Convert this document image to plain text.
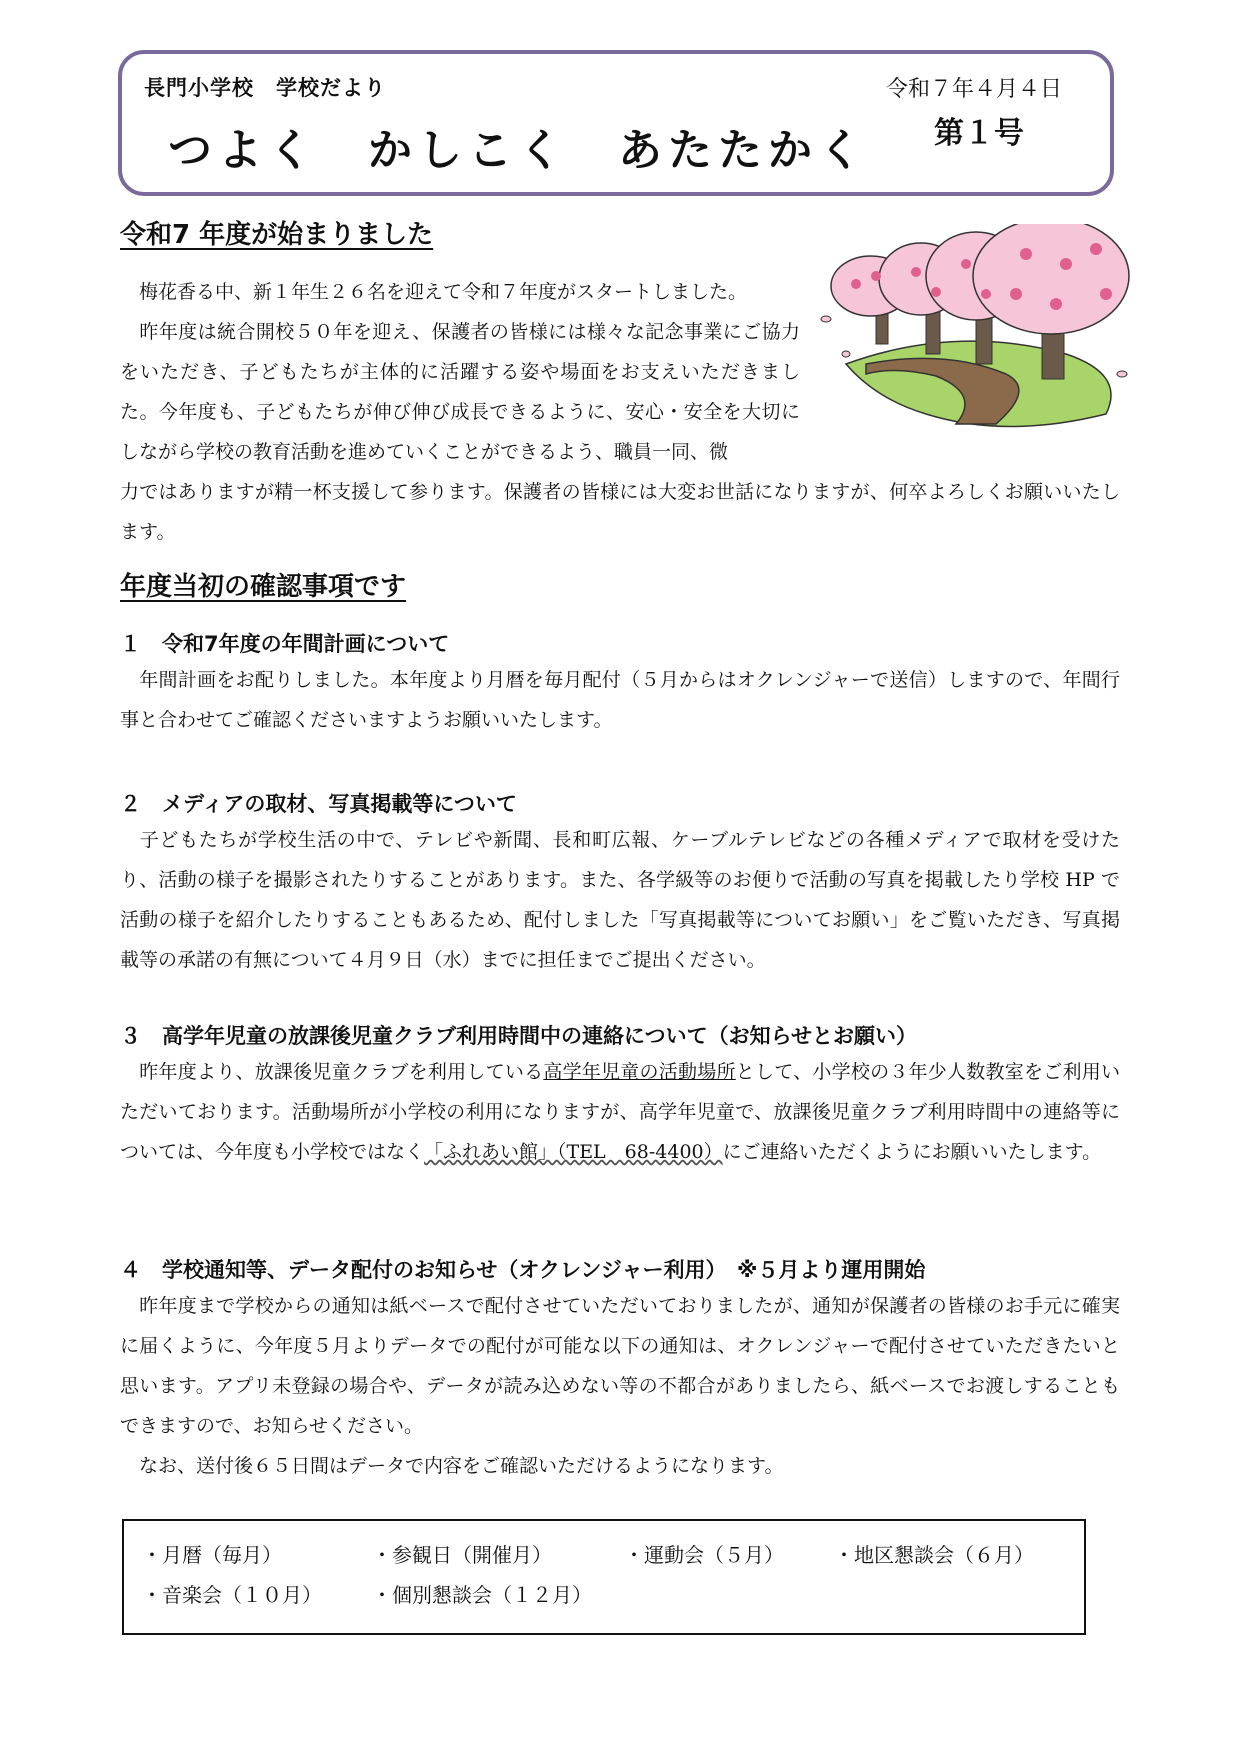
長門小学校　学校だより
つよく　かしこく　あたたかく
令和７年４月４日
第１号
令和7 年度が始まりました

　梅花香る中、新１年生２６名を迎えて令和７年度がスタートしました。

　昨年度は統合開校５０年を迎え、保護者の皆様には様々な記念事業にご協力をいただき、子どもたちが主体的に活躍する姿や場面をお支えいただきました。今年度も、子どもたちが伸び伸び成長できるように、安心・安全を大切にしながら学校の教育活動を進めていくことができるよう、職員一同、微

力ではありますが精一杯支援して参ります。保護者の皆様には大変お世話になりますが、何卒よろしくお願いいたします。

年度当初の確認事項です
１　令和7年度の年間計画について

　年間計画をお配りしました。本年度より月暦を毎月配付（５月からはオクレンジャーで送信）しますので、年間行事と合わせてご確認くださいますようお願いいたします。

２　メディアの取材、写真掲載等について

　子どもたちが学校生活の中で、テレビや新聞、長和町広報、ケーブルテレビなどの各種メディアで取材を受けたり、活動の様子を撮影されたりすることがあります。また、各学級等のお便りで活動の写真を掲載したり学校 HP で活動の様子を紹介したりすることもあるため、配付しました「写真掲載等についてお願い」をご覧いただき、写真掲載等の承諾の有無について４月９日（水）までに担任までご提出ください。

３　高学年児童の放課後児童クラブ利用時間中の連絡について（お知らせとお願い）

　昨年度より、放課後児童クラブを利用している高学年児童の活動場所として、小学校の３年少人数教室をご利用いただいております。活動場所が小学校の利用になりますが、高学年児童で、放課後児童クラブ利用時間中の連絡等については、今年度も小学校ではなく「ふれあい館」（TEL　68-4400）にご連絡いただくようにお願いいたします。

４　学校通知等、データ配付のお知らせ（オクレンジャー利用）　※５月より運用開始

　昨年度まで学校からの通知は紙ベースで配付させていただいておりましたが、通知が保護者の皆様のお手元に確実に届くように、今年度５月よりデータでの配付が可能な以下の通知は、オクレンジャーで配付させていただきたいと思います。アプリ未登録の場合や、データが読み込めない等の不都合がありましたら、紙ベースでお渡しすることもできますので、お知らせください。

　なお、送付後６５日間はデータで内容をご確認いただけるようになります。

・月暦（毎月）	・参観日（開催月）	・運動会（５月）	・地区懇談会（６月）
・音楽会（１０月）	・個別懇談会（１２月）
